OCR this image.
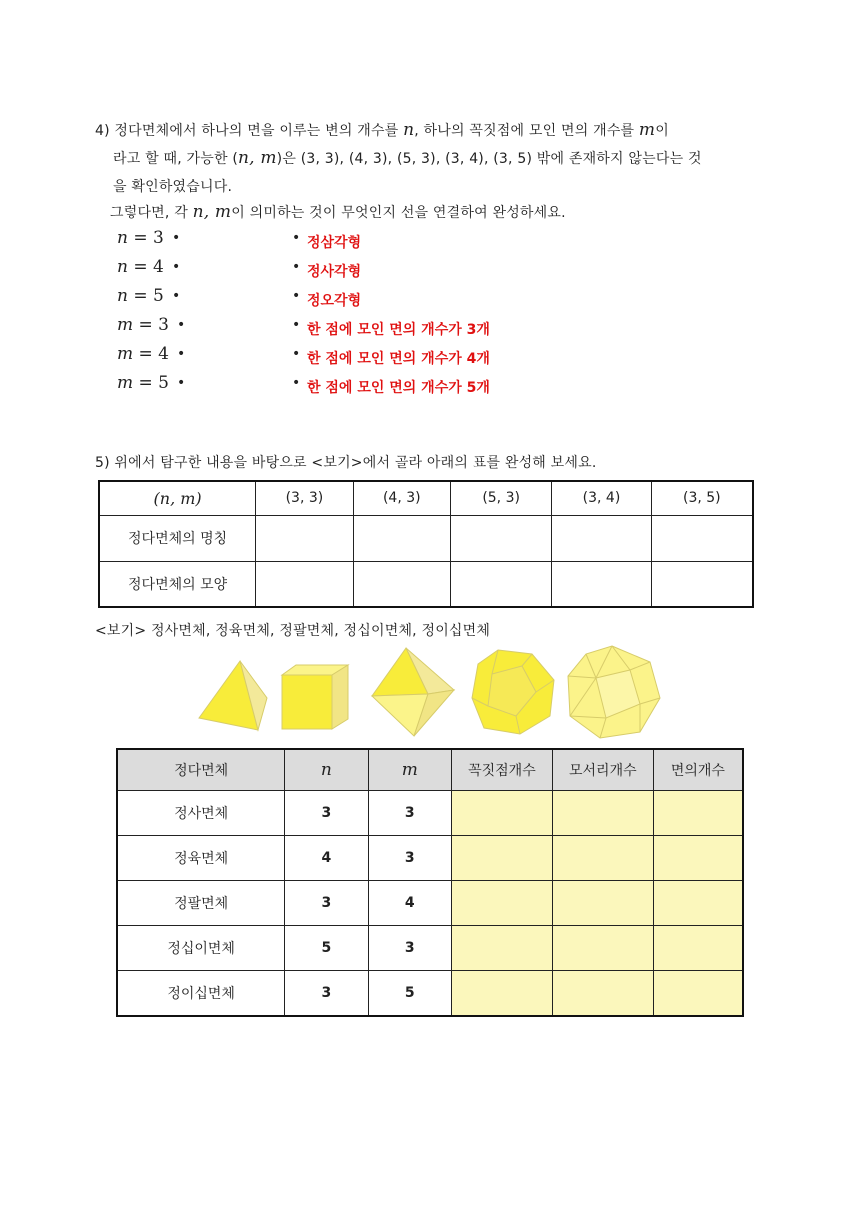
4) 정다면체에서 하나의 면을 이루는 변의 개수를 n, 하나의 꼭짓점에 모인 면의 개수를 m이
라고 할 때, 가능한 (n, m)은 (3, 3), (4, 3), (5, 3), (3, 4), (3, 5) 밖에 존재하지 않는다는 것
을 확인하였습니다.
그렇다면, 각 n, m이 의미하는 것이 무엇인지 선을 연결하여 완성하세요.
n = 3 •	• 정삼각형
n = 4 •	• 정사각형
n = 5 •	• 정오각형
m = 3 •	• 한 점에 모인 면의 개수가 3개
m = 4 •	• 한 점에 모인 면의 개수가 4개
m = 5 •	• 한 점에 모인 면의 개수가 5개
5) 위에서 탐구한 내용을 바탕으로 <보기>에서 골라 아래의 표를 완성해 보세요.
(n, m)	(3, 3)	(4, 3)	(5, 3)	(3, 4)	(3, 5)
정다면체의 명칭					
정다면체의 모양					
<보기> 정사면체, 정육면체, 정팔면체, 정십이면체, 정이십면체
정다면체	n	m	꼭짓점개수	모서리개수	면의개수
정사면체	3	3			
정육면체	4	3			
정팔면체	3	4			
정십이면체	5	3			
정이십면체	3	5			
